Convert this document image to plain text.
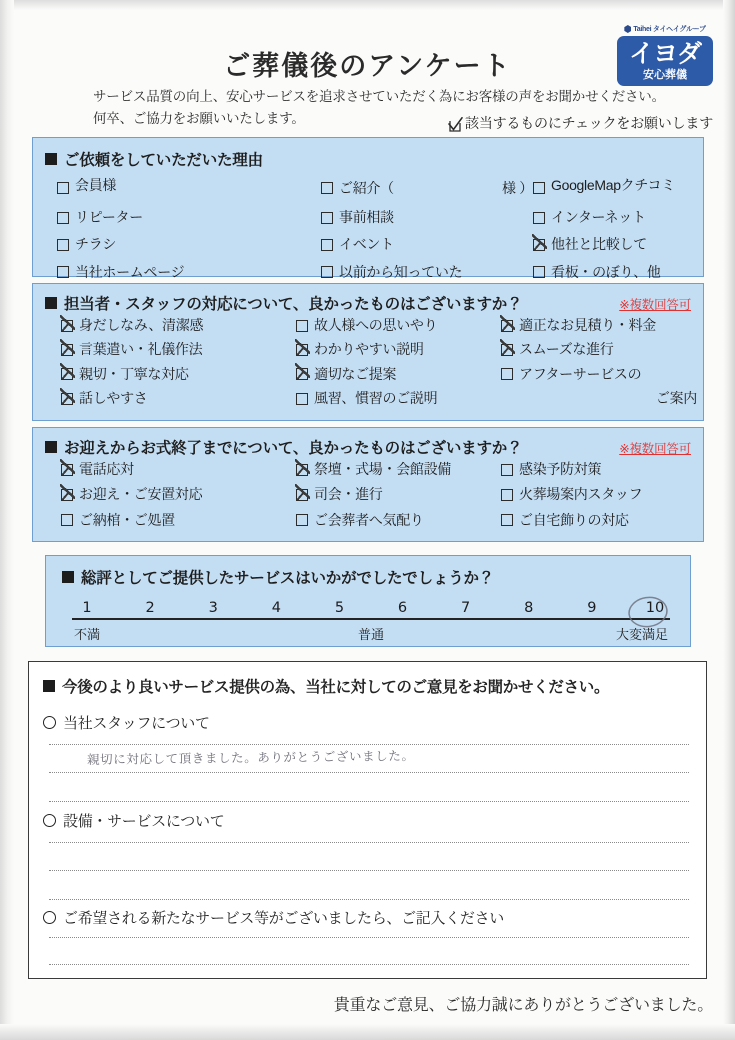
Taihei タイヘイグループ
イヨダ
安心葬儀
ご葬儀後のアンケート
サービス品質の向上、安心サービスを追求させていただく為にお客様の声をお聞かせください。
何卒、ご協力をお願いいたします。	該当するものにチェックをお願いします
ご依頼をしていただいた理由
会員様	ご紹介（	様 ） GoogleMapクチコミ
リピーター	事前相談	インターネット
チラシ	イベント	他社と比較して
当社ホームページ	以前から知っていた	看板・のぼり、他
担当者・スタッフの対応について、良かったものはございますか？	※複数回答可
身だしなみ、清潔感	故人様への思いやり	適正なお見積り・料金
言葉遣い・礼儀作法	わかりやすい説明	スムーズな進行
親切・丁寧な対応	適切なご提案	アフターサービスの
話しやすさ	風習、慣習のご説明	ご案内
お迎えからお式終了までについて、良かったものはございますか？	※複数回答可
電話応対	祭壇・式場・会館設備	感染予防対策
お迎え・ご安置対応	司会・進行	火葬場案内スタッフ
ご納棺・ご処置	ご会葬者へ気配り	ご自宅飾りの対応
総評としてご提供したサービスはいかがでしたでしょうか？
1	2	3	4	5	6	7	8	9	10
不満	普通	大変満足
今後のより良いサービス提供の為、当社に対してのご意見をお聞かせください。
当社スタッフについて
親切に対応して頂きました。ありがとうございました。
設備・サービスについて
ご希望される新たなサービス等がございましたら、ご記入ください
貴重なご意見、ご協力誠にありがとうございました。
